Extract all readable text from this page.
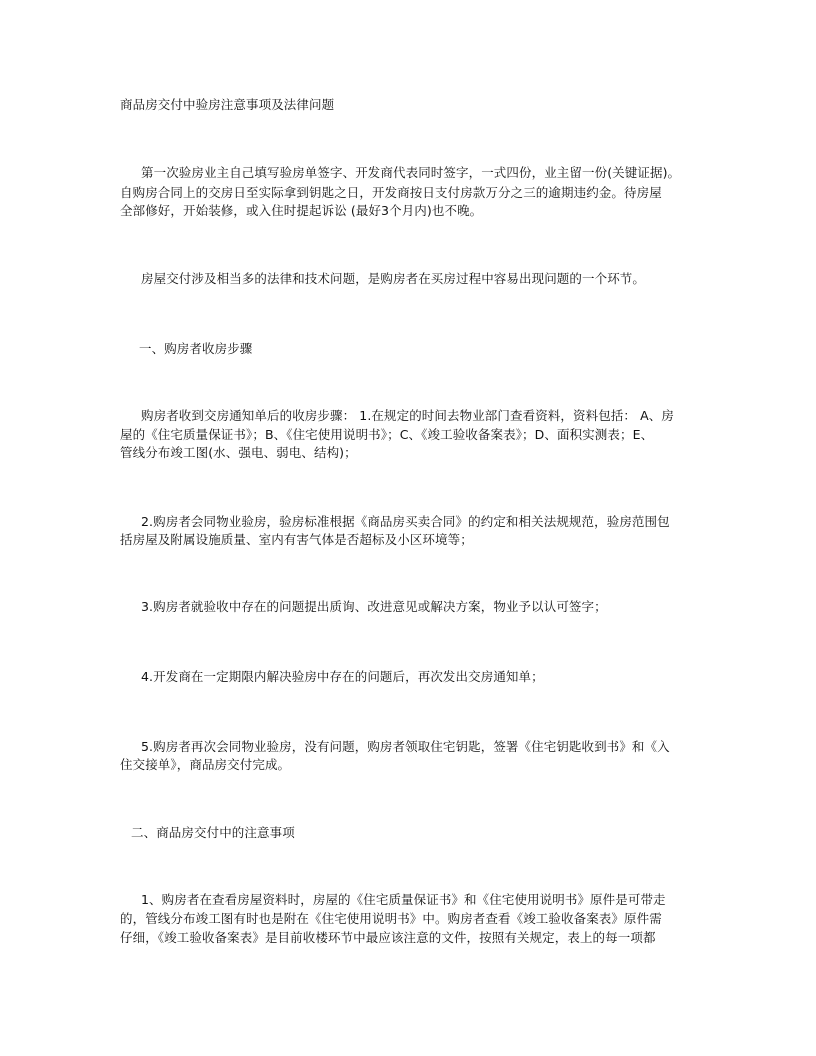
商品房交付中验房注意事项及法律问题
第一次验房业主自己填写验房单签字、开发商代表同时签字，一式四份，业主留一份(关键证据)。
自购房合同上的交房日至实际拿到钥匙之日，开发商按日支付房款万分之三的逾期违约金。待房屋
全部修好，开始装修，或入住时提起诉讼 (最好3个月内)也不晚。
房屋交付涉及相当多的法律和技术问题，是购房者在买房过程中容易出现问题的一个环节。
一、购房者收房步骤
购房者收到交房通知单后的收房步骤： 1.在规定的时间去物业部门查看资料，资料包括： A、房
屋的《住宅质量保证书》；B、《住宅使用说明书》；C、《竣工验收备案表》；D、面积实测表；E、
管线分布竣工图(水、强电、弱电、结构)；
2.购房者会同物业验房，验房标准根据《商品房买卖合同》的约定和相关法规规范，验房范围包
括房屋及附属设施质量、室内有害气体是否超标及小区环境等；
3.购房者就验收中存在的问题提出质询、改进意见或解决方案，物业予以认可签字；
4.开发商在一定期限内解决验房中存在的问题后，再次发出交房通知单；
5.购房者再次会同物业验房，没有问题，购房者领取住宅钥匙，签署《住宅钥匙收到书》和《入
住交接单》，商品房交付完成。
二、商品房交付中的注意事项
1、购房者在查看房屋资料时，房屋的《住宅质量保证书》和《住宅使用说明书》原件是可带走
的，管线分布竣工图有时也是附在《住宅使用说明书》中。购房者查看《竣工验收备案表》原件需
仔细，《竣工验收备案表》是目前收楼环节中最应该注意的文件，按照有关规定，表上的每一项都
